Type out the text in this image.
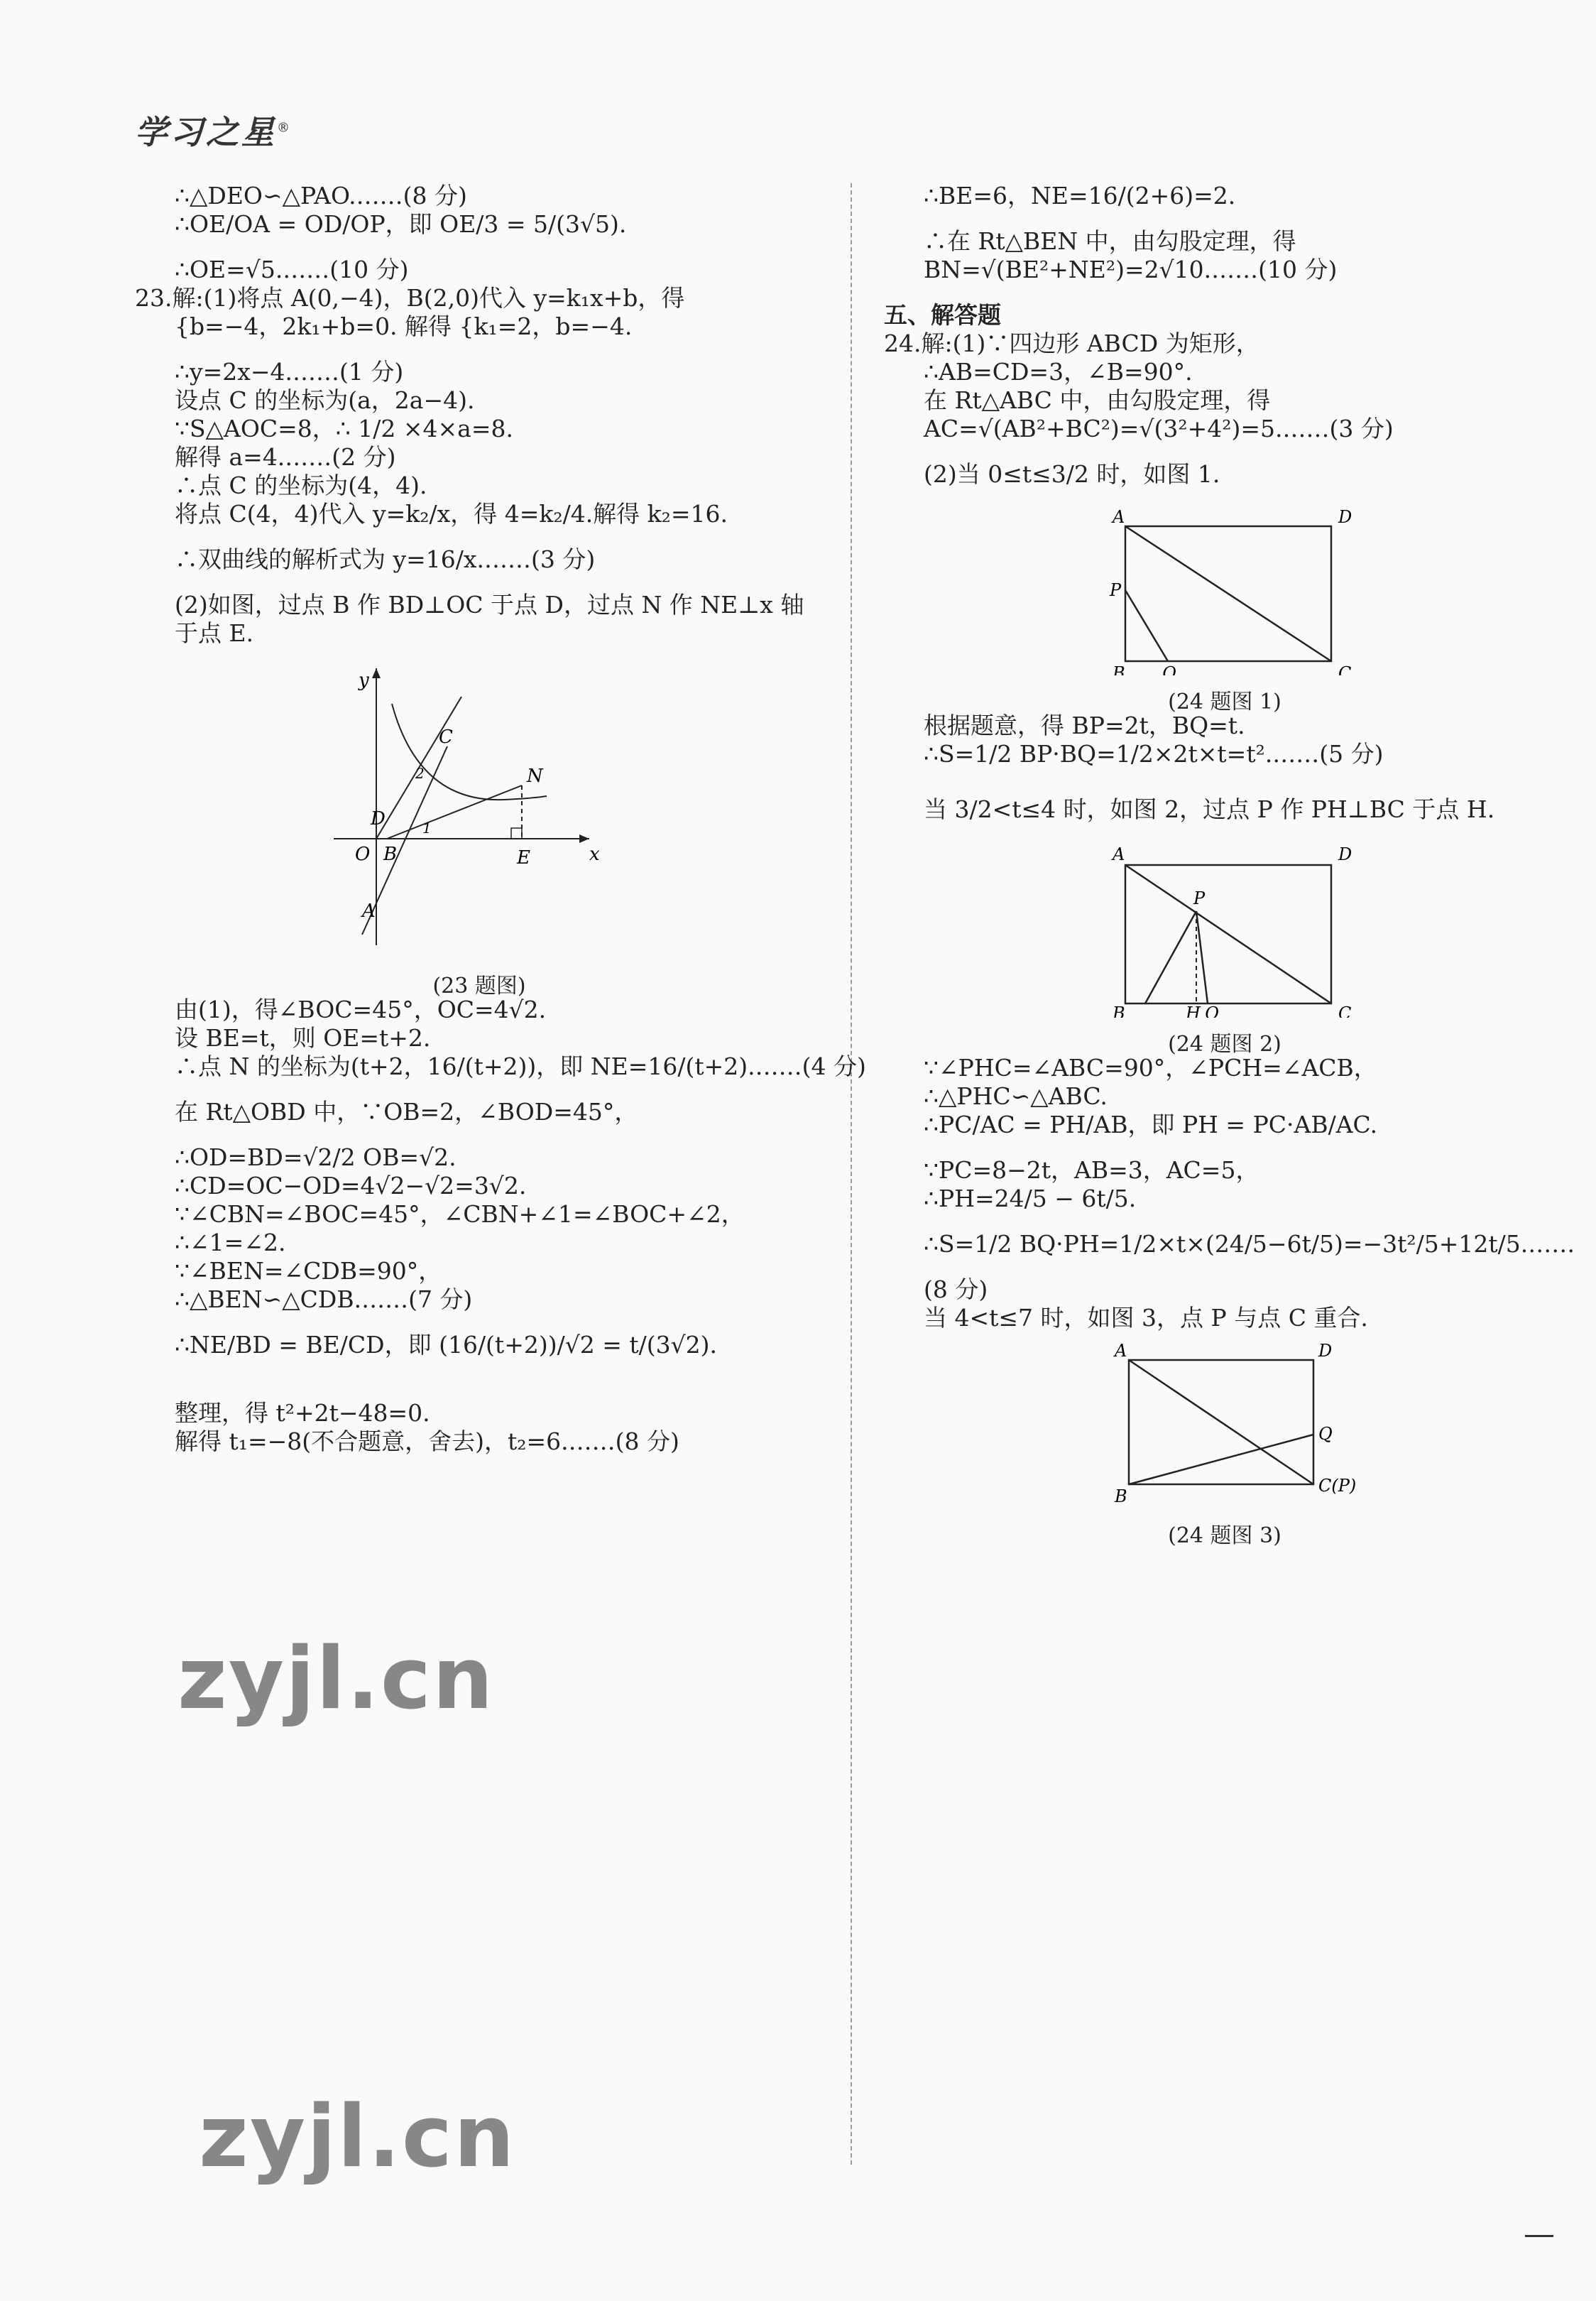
学习之星®
∴△DEO∽△PAO.……(8 分)
∴OE/OA = OD/OP，即 OE/3 = 5/(3√5).
∴OE=√5.……(10 分)
23.解:(1)将点 A(0,−4)，B(2,0)代入 y=k₁x+b，得
{b=−4，2k₁+b=0. 解得 {k₁=2，b=−4.
∴y=2x−4.……(1 分)
设点 C 的坐标为(a，2a−4).
∵S△AOC=8，∴ 1/2 ×4×a=8.
解得 a=4.……(2 分)
∴点 C 的坐标为(4，4).
将点 C(4，4)代入 y=k₂/x，得 4=k₂/4.解得 k₂=16.
∴双曲线的解析式为 y=16/x.……(3 分)
(2)如图，过点 B 作 BD⊥OC 于点 D，过点 N 作 NE⊥x 轴
于点 E.
y
x
O B
A
C
D
E
N
1
2
(23 题图)
由(1)，得∠BOC=45°，OC=4√2.
设 BE=t，则 OE=t+2.
∴点 N 的坐标为(t+2，16/(t+2))，即 NE=16/(t+2).……(4 分)
在 Rt△OBD 中，∵OB=2，∠BOD=45°，
∴OD=BD=√2/2 OB=√2.
∴CD=OC−OD=4√2−√2=3√2.
∵∠CBN=∠BOC=45°，∠CBN+∠1=∠BOC+∠2，
∴∠1=∠2.
∵∠BEN=∠CDB=90°，
∴△BEN∽△CDB.……(7 分)
∴NE/BD = BE/CD，即 (16/(t+2))/√2 = t/(3√2).
整理，得 t²+2t−48=0.
解得 t₁=−8(不合题意，舍去)，t₂=6.……(8 分)
∴BE=6，NE=16/(2+6)=2.
∴在 Rt△BEN 中，由勾股定理，得
BN=√(BE²+NE²)=2√10.……(10 分)
五、解答题
24.解:(1)∵四边形 ABCD 为矩形，
∴AB=CD=3，∠B=90°.
在 Rt△ABC 中，由勾股定理，得
AC=√(AB²+BC²)=√(3²+4²)=5.……(3 分)
(2)当 0≤t≤3/2 时，如图 1.
A	D
B	C
P
Q
(24 题图 1)
根据题意，得 BP=2t，BQ=t.
∴S=1/2 BP·BQ=1/2×2t×t=t².……(5 分)
当 3/2<t≤4 时，如图 2，过点 P 作 PH⊥BC 于点 H.
A	D
B	C
P
H Q
(24 题图 2)
∵∠PHC=∠ABC=90°，∠PCH=∠ACB，
∴△PHC∽△ABC.
∴PC/AC = PH/AB，即 PH = PC·AB/AC.
∵PC=8−2t，AB=3，AC=5，
∴PH=24/5 − 6t/5.
∴S=1/2 BQ·PH=1/2×t×(24/5−6t/5)=−3t²/5+12t/5.……
(8 分)
当 4<t≤7 时，如图 3，点 P 与点 C 重合.
A	D
B
C(P)
Q
(24 题图 3)
zyjl.cn
zyjl.cn
